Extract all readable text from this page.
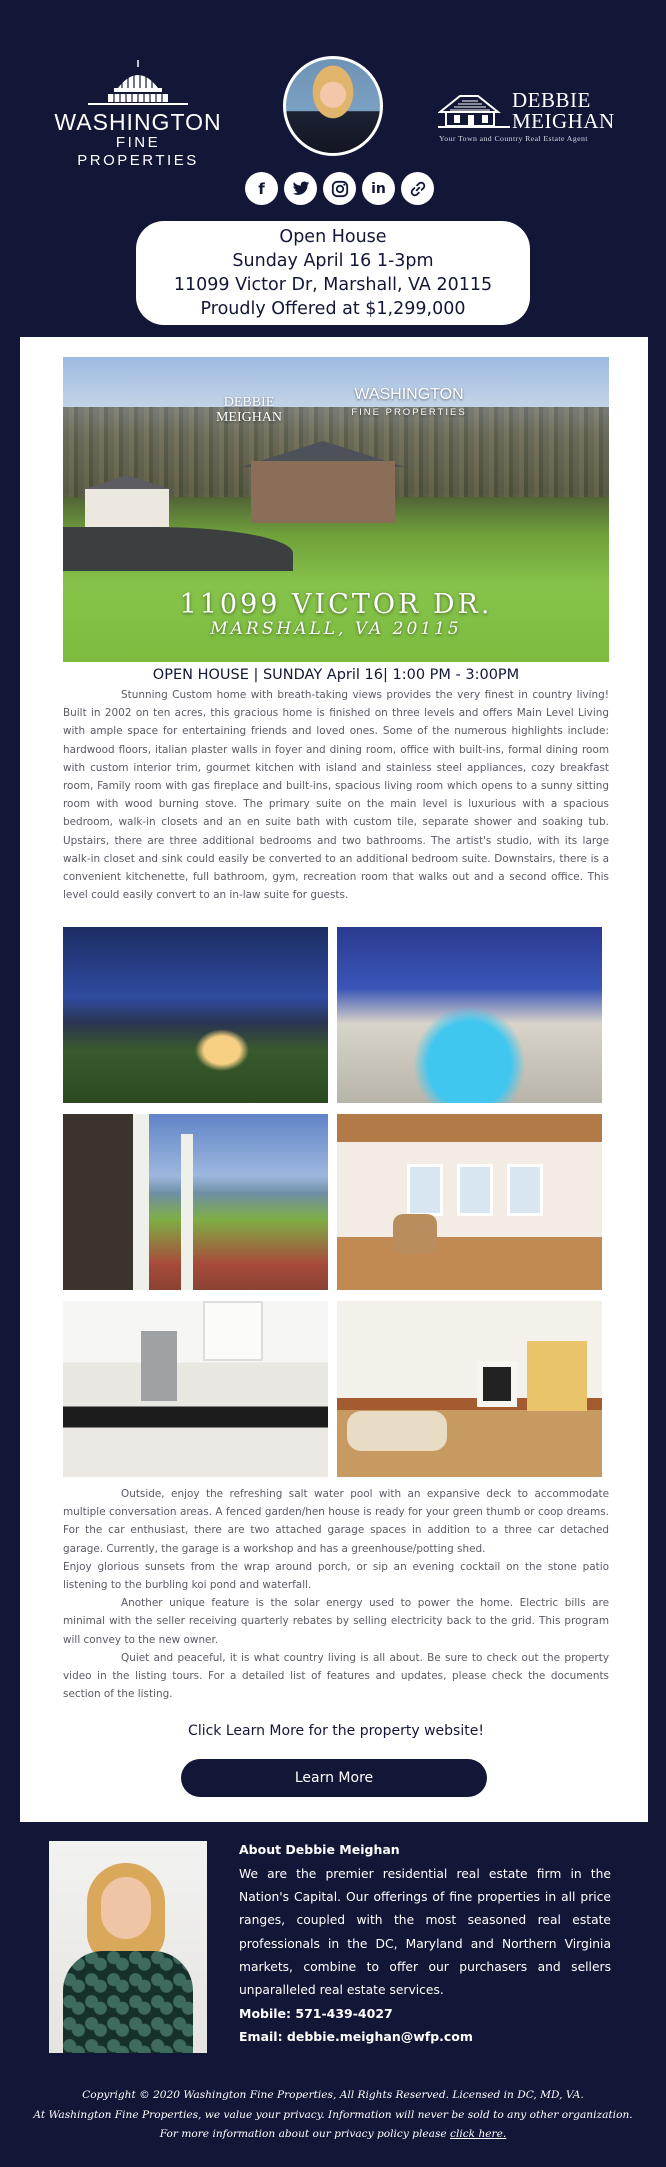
WASHINGTON
FINE PROPERTIES
DEBBIE
MEIGHAN
Your Town and Country Real Estate Agent
f	in
Open House
Sunday April 16 1-3pm
11099 Victor Dr, Marshall, VA 20115
Proudly Offered at $1,299,000
DEBBIE
MEIGHAN
WASHINGTON
FINE PROPERTIES
11099 VICTOR DR.
MARSHALL, VA 20115
OPEN HOUSE | SUNDAY April 16| 1:00 PM - 3:00PM

Stunning Custom home with breath-taking views provides the very finest in country living! Built in 2002 on ten acres, this gracious home is finished on three levels and offers Main Level Living with ample space for entertaining friends and loved ones. Some of the numerous highlights include: hardwood floors, italian plaster walls in foyer and dining room, office with built-ins, formal dining room with custom interior trim, gourmet kitchen with island and stainless steel appliances, cozy breakfast room, Family room with gas fireplace and built-ins, spacious living room which opens to a sunny sitting room with wood burning stove. The primary suite on the main level is luxurious with a spacious bedroom, walk-in closets and an en suite bath with custom tile, separate shower and soaking tub. Upstairs, there are three additional bedrooms and two bathrooms. The artist's studio, with its large walk-in closet and sink could easily be converted to an additional bedroom suite. Downstairs, there is a convenient kitchenette, full bathroom, gym, recreation room that walks out and a second office. This level could easily convert to an in-law suite for guests.

Outside, enjoy the refreshing salt water pool with an expansive deck to accommodate multiple conversation areas. A fenced garden/hen house is ready for your green thumb or coop dreams. For the car enthusiast, there are two attached garage spaces in addition to a three car detached garage. Currently, the garage is a workshop and has a greenhouse/potting shed.

Enjoy glorious sunsets from the wrap around porch, or sip an evening cocktail on the stone patio listening to the burbling koi pond and waterfall.

Another unique feature is the solar energy used to power the home. Electric bills are minimal with the seller receiving quarterly rebates by selling electricity back to the grid. This program will convey to the new owner.

Quiet and peaceful, it is what country living is all about. Be sure to check out the property video in the listing tours. For a detailed list of features and updates, please check the documents section of the listing.

Click Learn More for the property website!
Learn More
About Debbie Meighan

We are the premier residential real estate firm in the Nation's Capital. Our offerings of fine properties in all price ranges, coupled with the most seasoned real estate professionals in the DC, Maryland and Northern Virginia markets, combine to offer our purchasers and sellers unparalleled real estate services.

Mobile: 571-439-4027
Email: debbie.meighan@wfp.com
Copyright © 2020 Washington Fine Properties, All Rights Reserved. Licensed in DC, MD, VA.
At Washington Fine Properties, we value your privacy. Information will never be sold to any other organization.
For more information about our privacy policy please click here.
